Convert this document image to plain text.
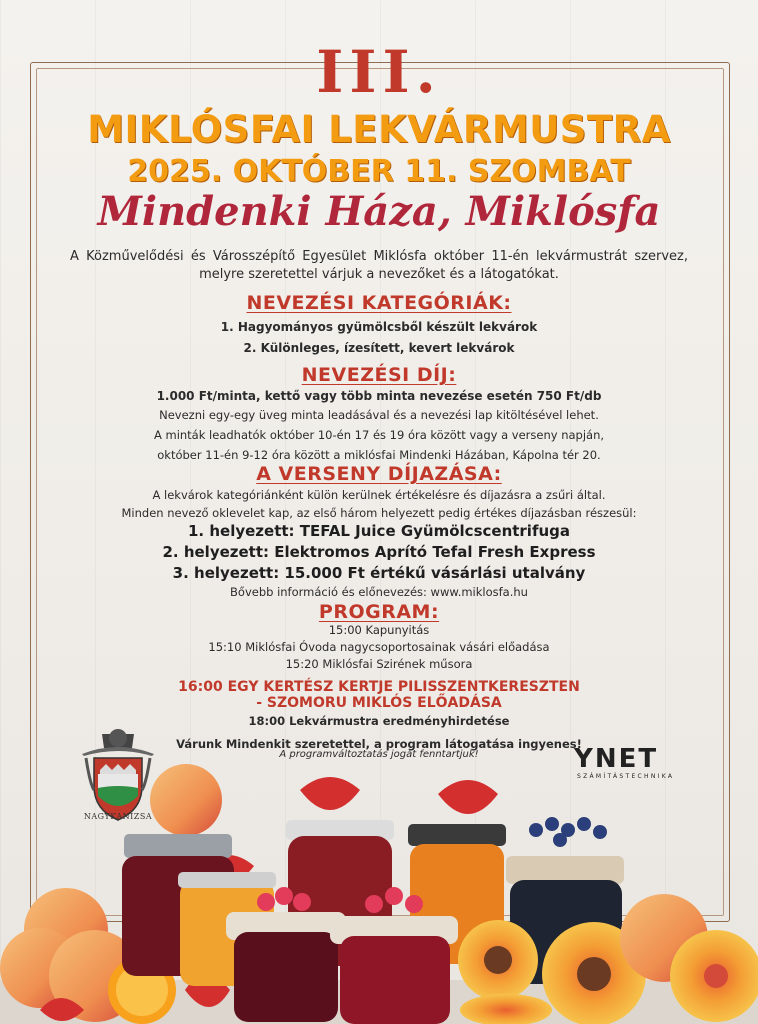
III.
MIKLÓSFAI LEKVÁRMUSTRA
2025. OKTÓBER 11. SZOMBAT
Mindenki Háza, Miklósfa
A Közművelődési és Városszépítő Egyesület Miklósfa október 11-én lekvármustrát szervez, melyre szeretettel várjuk a nevezőket és a látogatókat.
NEVEZÉSI KATEGÓRIÁK:
1. Hagyományos gyümölcsből készült lekvárok
2. Különleges, ízesített, kevert lekvárok
NEVEZÉSI DÍJ:
1.000 Ft/minta, kettő vagy több minta nevezése esetén 750 Ft/db
Nevezni egy-egy üveg minta leadásával és a nevezési lap kitöltésével lehet.
A minták leadhatók október 10-én 17 és 19 óra között vagy a verseny napján,
október 11-én 9-12 óra között a miklósfai Mindenki Házában, Kápolna tér 20.
A VERSENY DÍJAZÁSA:
A lekvárok kategóriánként külön kerülnek értékelésre és díjazásra a zsűri által.
Minden nevező oklevelet kap, az első három helyezett pedig értékes díjazásban részesül:
1. helyezett: TEFAL Juice Gyümölcscentrifuga
2. helyezett: Elektromos Aprító Tefal Fresh Express
3. helyezett: 15.000 Ft értékű vásárlási utalvány
Bővebb információ és előnevezés: www.miklosfa.hu
PROGRAM:
15:00 Kapunyitás
15:10 Miklósfai Óvoda nagycsoportosainak vásári előadása
15:20 Miklósfai Szirének műsora
16:00 EGY KERTÉSZ KERTJE PILISSZENTKERESZTEN
- SZOMORU MIKLÓS ELŐADÁSA
18:00 Lekvármustra eredményhirdetése
Várunk Mindenkit szeretettel, a program látogatása ingyenes!
A programváltoztatás jogát fenntartjuk!
NAGYKANIZSA
YNET
SZÁMÍTÁSTECHNIKA
